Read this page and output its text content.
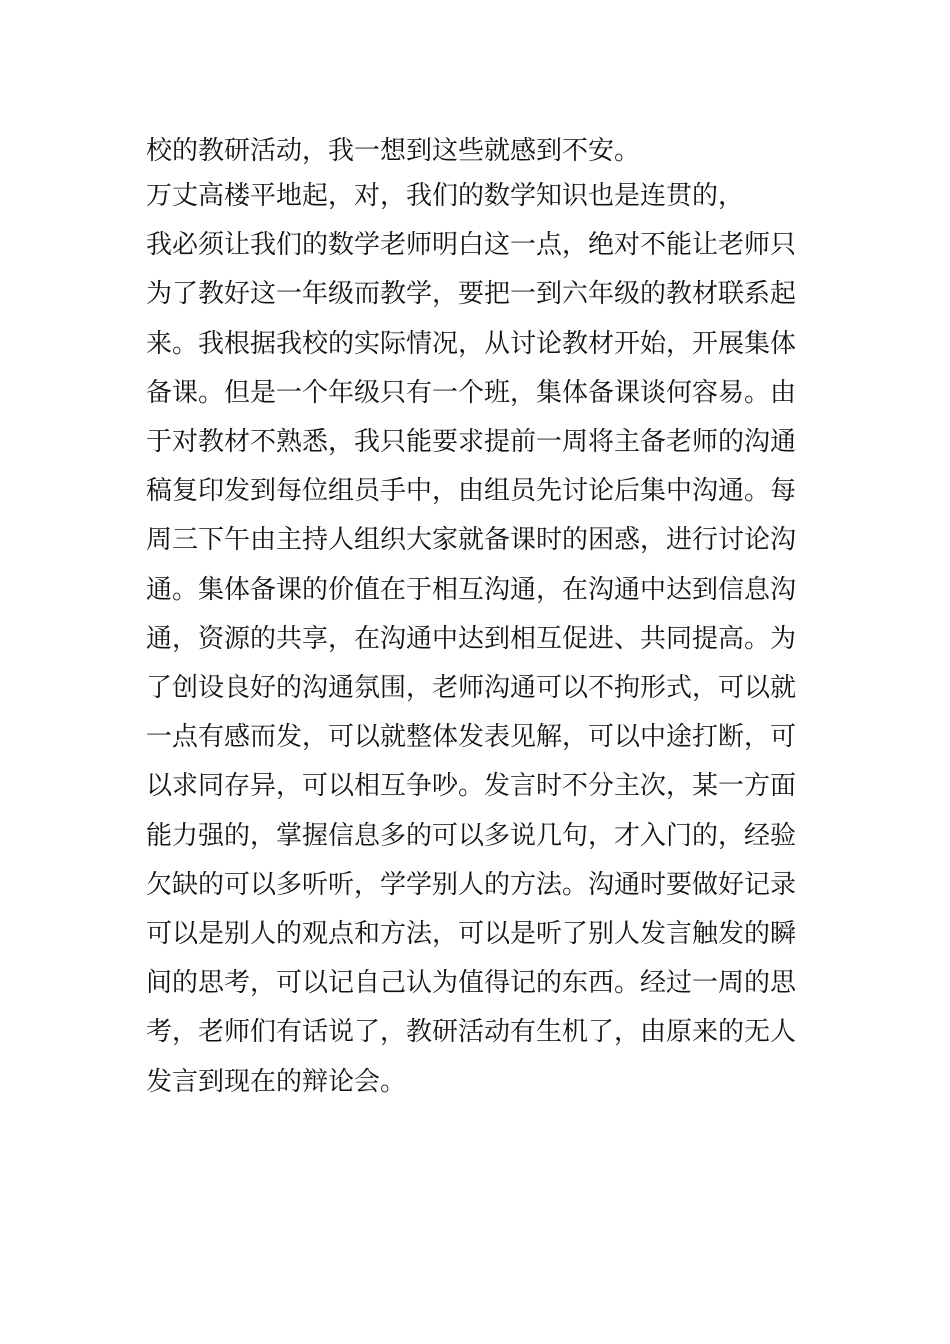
校的教研活动，我一想到这些就感到不安。

万丈高楼平地起，对，我们的数学知识也是连贯的，
我必须让我们的数学老师明白这一点，绝对不能让老师只
为了教好这一年级而教学，要把一到六年级的教材联系起
来。我根据我校的实际情况，从讨论教材开始，开展集体
备课。但是一个年级只有一个班，集体备课谈何容易。由
于对教材不熟悉，我只能要求提前一周将主备老师的沟通
稿复印发到每位组员手中，由组员先讨论后集中沟通。每
周三下午由主持人组织大家就备课时的困惑，进行讨论沟
通。集体备课的价值在于相互沟通，在沟通中达到信息沟
通，资源的共享，在沟通中达到相互促进、共同提高。为
了创设良好的沟通氛围，老师沟通可以不拘形式，可以就
一点有感而发，可以就整体发表见解，可以中途打断，可
以求同存异，可以相互争吵。发言时不分主次，某一方面
能力强的，掌握信息多的可以多说几句，才入门的，经验
欠缺的可以多听听，学学别人的方法。沟通时要做好记录
可以是别人的观点和方法，可以是听了别人发言触发的瞬
间的思考，可以记自己认为值得记的东西。经过一周的思
考，老师们有话说了，教研活动有生机了，由原来的无人
发言到现在的辩论会。
